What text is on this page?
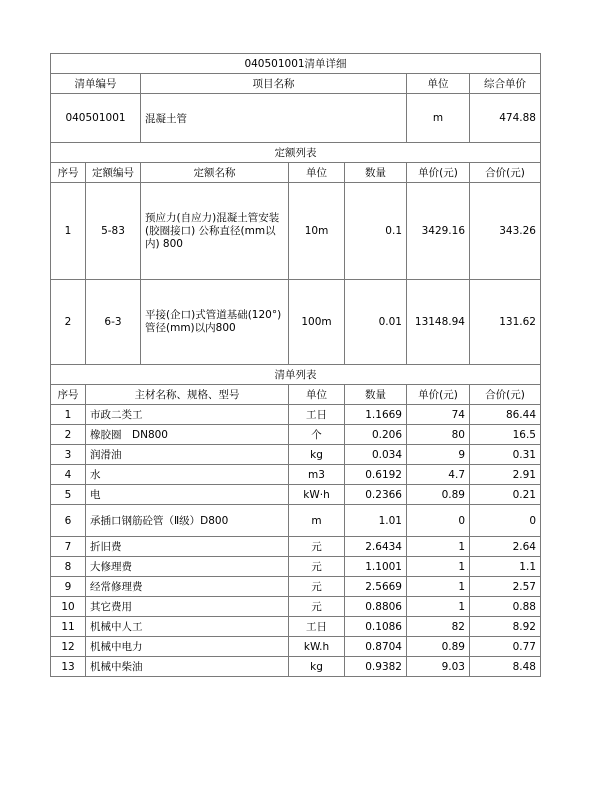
040501001清单详细						
清单编号		项目名称			单位	综合单价
040501001		混凝土管			m	474.88
定额列表						
序号	定额编号	定额名称	单位	数量	单价(元)	合价(元)
1	5-83	预应力(自应力)混凝土管安装(胶圈接口) 公称直径(mm以内) 800	10m	0.1	3429.16	343.26
2	6-3	平接(企口)式管道基础(120°) 管径(mm)以内800	100m	0.01	13148.94	131.62
清单列表						
序号	主材名称、规格、型号		单位	数量	单价(元)	合价(元)
1	市政二类工		工日	1.1669	74	86.44
2	橡胶圈　DN800		个	0.206	80	16.5
3	润滑油		kg	0.034	9	0.31
4	水		m3	0.6192	4.7	2.91
5	电		kW·h	0.2366	0.89	0.21
6	承插口钢筋砼管（Ⅱ级）D800		m	1.01	0	0
7	折旧费		元	2.6434	1	2.64
8	大修理费		元	1.1001	1	1.1
9	经常修理费		元	2.5669	1	2.57
10	其它费用		元	0.8806	1	0.88
11	机械中人工		工日	0.1086	82	8.92
12	机械中电力		kW.h	0.8704	0.89	0.77
13	机械中柴油		kg	0.9382	9.03	8.48
